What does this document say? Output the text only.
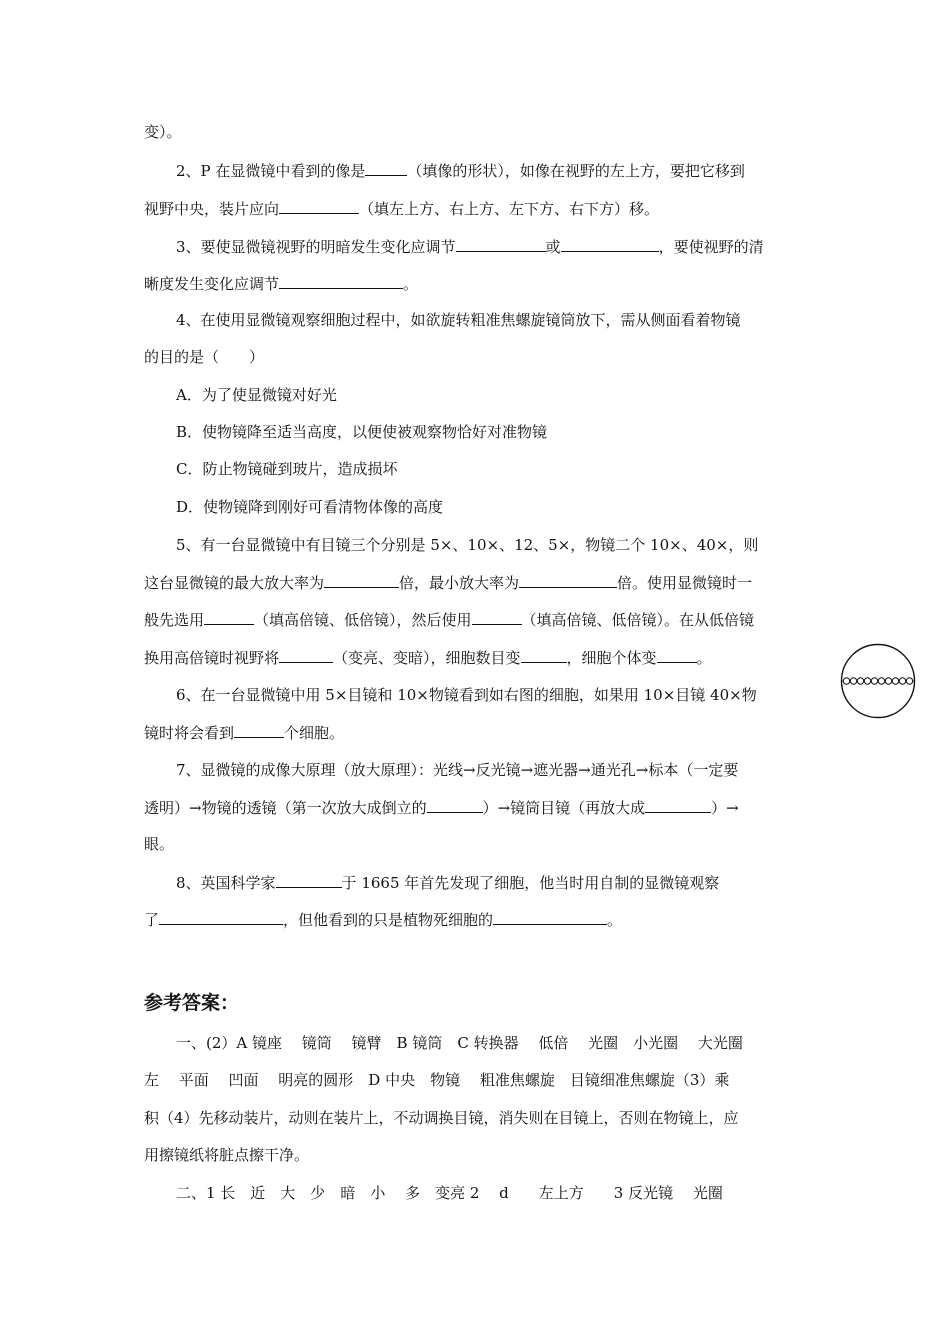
变）。
2、P 在显微镜中看到的像是	（填像的形状），如像在视野的左上方，要把它移到
视野中央，装片应向	（填左上方、右上方、左下方、右下方）移。
3、要使显微镜视野的明暗发生变化应调节	或	，要使视野的清
晰度发生变化应调节	。
4、在使用显微镜观察细胞过程中，如欲旋转粗准焦螺旋镜筒放下，需从侧面看着物镜
的目的是（　　）
A．为了使显微镜对好光
B．使物镜降至适当高度，以便使被观察物恰好对准物镜
C．防止物镜碰到玻片，造成损坏
D．使物镜降到刚好可看清物体像的高度
5、有一台显微镜中有目镜三个分别是 5×、10×、12、5×，物镜二个 10×、40×，则
这台显微镜的最大放大率为	倍，最小放大率为	倍。使用显微镜时一
般先选用	（填高倍镜、低倍镜），然后使用	（填高倍镜、低倍镜）。在从低倍镜
换用高倍镜时视野将	（变亮、变暗），细胞数目变	，细胞个体变	。
6、在一台显微镜中用 5×目镜和 10×物镜看到如右图的细胞，如果用 10×目镜 40×物
镜时将会看到	个细胞。
7、显微镜的成像大原理（放大原理）：光线→反光镜→遮光器→通光孔→标本（一定要
透明）→物镜的透镜（第一次放大成倒立的	）→镜筒目镜（再放大成	）→
眼。
8、英国科学家	于 1665 年首先发现了细胞，他当时用自制的显微镜观察
了	，但他看到的只是植物死细胞的	。
参考答案：
一、(2）A 镜座　 镜筒　 镜臂　B 镜筒　C 转换器　 低倍　 光圈　小光圈　 大光圈
左　 平面　 凹面　 明亮的圆形　D 中央　物镜　 粗准焦螺旋　目镜细准焦螺旋（3）乘
积（4）先移动装片，动则在装片上，不动调换目镜，消失则在目镜上，否则在物镜上，应
用擦镜纸将脏点擦干净。
二、1 长　近　大　少　暗　小　 多　变亮 2　 d　　左上方　　3 反光镜　 光圈
